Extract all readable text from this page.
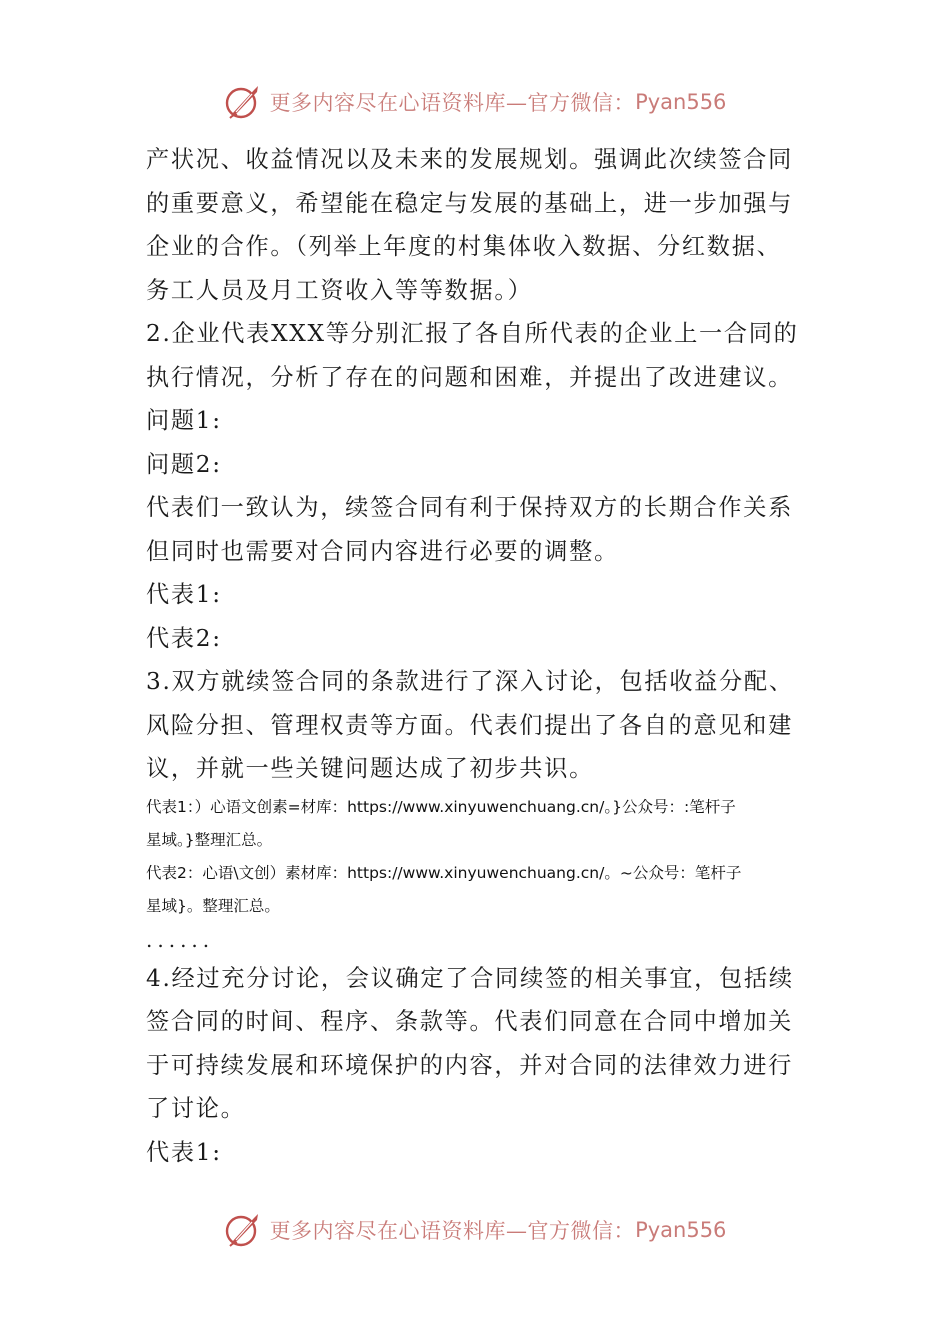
更多内容尽在心语资料库—官方微信： Pyan556

产状况、收益情况以及未来的发展规划。强调此次续签合同

的重要意义，希望能在稳定与发展的基础上，进一步加强与

企业的合作。（列举上年度的村集体收入数据、分红数据、

务工人员及月工资收入等等数据。）

2.企业代表XXX等分别汇报了各自所代表的企业上一合同的

执行情况，分析了存在的问题和困难，并提出了改进建议。

问题1:

问题2:

代表们一致认为，续签合同有利于保持双方的长期合作关系

但同时也需要对合同内容进行必要的调整。

代表1:

代表2:

3.双方就续签合同的条款进行了深入讨论，包括收益分配、

风险分担、管理权责等方面。代表们提出了各自的意见和建

议，并就一些关键问题达成了初步共识。

代表1：）心语文创素=材库：https://www.xinyuwenchuang.cn/。}公众号：:笔杆子

星域。}整理汇总。

代表2：心语\文创）素材库：https://www.xinyuwenchuang.cn/。~公众号：笔杆子

星域}。整理汇总。

......

4.经过充分讨论，会议确定了合同续签的相关事宜，包括续

签合同的时间、程序、条款等。代表们同意在合同中增加关

于可持续发展和环境保护的内容，并对合同的法律效力进行

了讨论。

代表1:

更多内容尽在心语资料库—官方微信： Pyan556
